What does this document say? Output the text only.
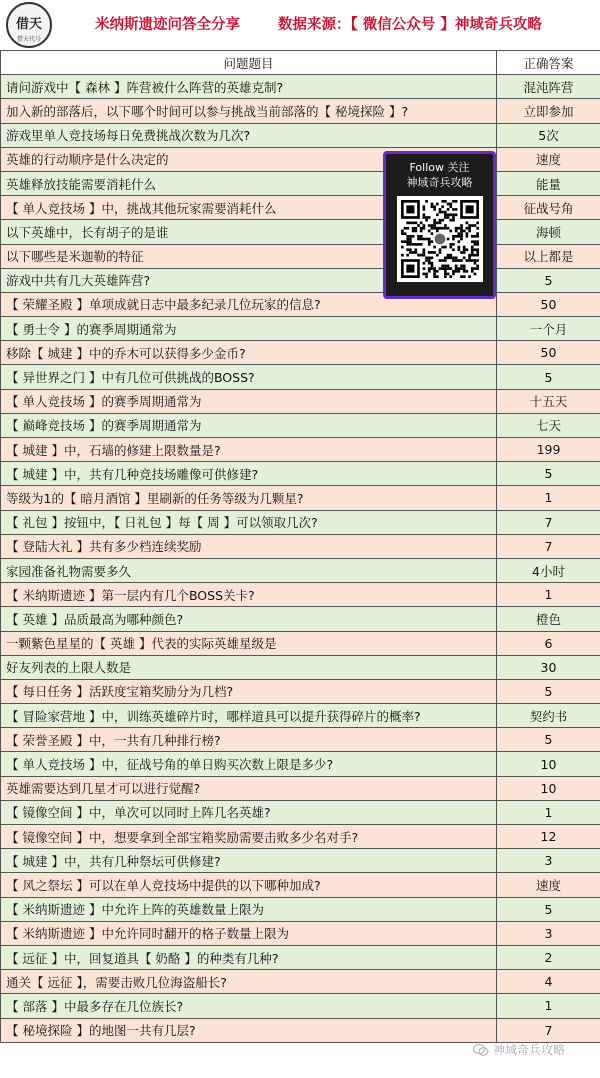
借天
借天代号
米纳斯遗迹问答全分享	数据来源：【 微信公众号 】神域奇兵攻略
问题题目	正确答案
请问游戏中【 森林 】阵营被什么阵营的英雄克制?	混沌阵营
加入新的部落后，以下哪个时间可以参与挑战当前部落的【 秘境探险 】?	立即参加
游戏里单人竞技场每日免费挑战次数为几次?	5次
英雄的行动顺序是什么决定的	速度
英雄释放技能需要消耗什么	能量
【 单人竞技场 】中，挑战其他玩家需要消耗什么	征战号角
以下英雄中，长有胡子的是谁	海顿
以下哪些是米迦勒的特征	以上都是
游戏中共有几大英雄阵营?	5
【 荣耀圣殿 】单项成就日志中最多纪录几位玩家的信息?	50
【 勇士令 】的赛季周期通常为	一个月
移除【 城建 】中的乔木可以获得多少金币?	50
【 异世界之门 】中有几位可供挑战的BOSS?	5
【 单人竞技场 】的赛季周期通常为	十五天
【 巅峰竞技场 】的赛季周期通常为	七天
【 城建 】中，石墙的修建上限数量是?	199
【 城建 】中，共有几种竞技场雕像可供修建?	5
等级为1的【 暗月酒馆 】里刷新的任务等级为几颗星?	1
【 礼包 】按钮中，【 日礼包 】每【 周 】可以领取几次?	7
【 登陆大礼 】共有多少档连续奖励	7
家园准备礼物需要多久	4小时
【 米纳斯遗迹 】第一层内有几个BOSS关卡?	1
【 英雄 】品质最高为哪种颜色?	橙色
一颗紫色星星的【 英雄 】代表的实际英雄星级是	6
好友列表的上限人数是	30
【 每日任务 】活跃度宝箱奖励分为几档?	5
【 冒险家营地 】中，训练英雄碎片时，哪样道具可以提升获得碎片的概率?	契约书
【 荣誉圣殿 】中，一共有几种排行榜?	5
【 单人竞技场 】中，征战号角的单日购买次数上限是多少?	10
英雄需要达到几星才可以进行觉醒?	10
【 镜像空间 】中，单次可以同时上阵几名英雄?	1
【 镜像空间 】中，想要拿到全部宝箱奖励需要击败多少名对手?	12
【 城建 】中，共有几种祭坛可供修建?	3
【 风之祭坛 】可以在单人竞技场中提供的以下哪种加成?	速度
【 米纳斯遗迹 】中允许上阵的英雄数量上限为	5
【 米纳斯遗迹 】中允许同时翻开的格子数量上限为	3
【 远征 】中，回复道具【 奶酪 】的种类有几种?	2
通关【 远征 】，需要击败几位海盗船长?	4
【 部落 】中最多存在几位族长?	1
【 秘境探险 】的地图一共有几层?	7
Follow 关注
神域奇兵攻略
神域奇兵攻略
